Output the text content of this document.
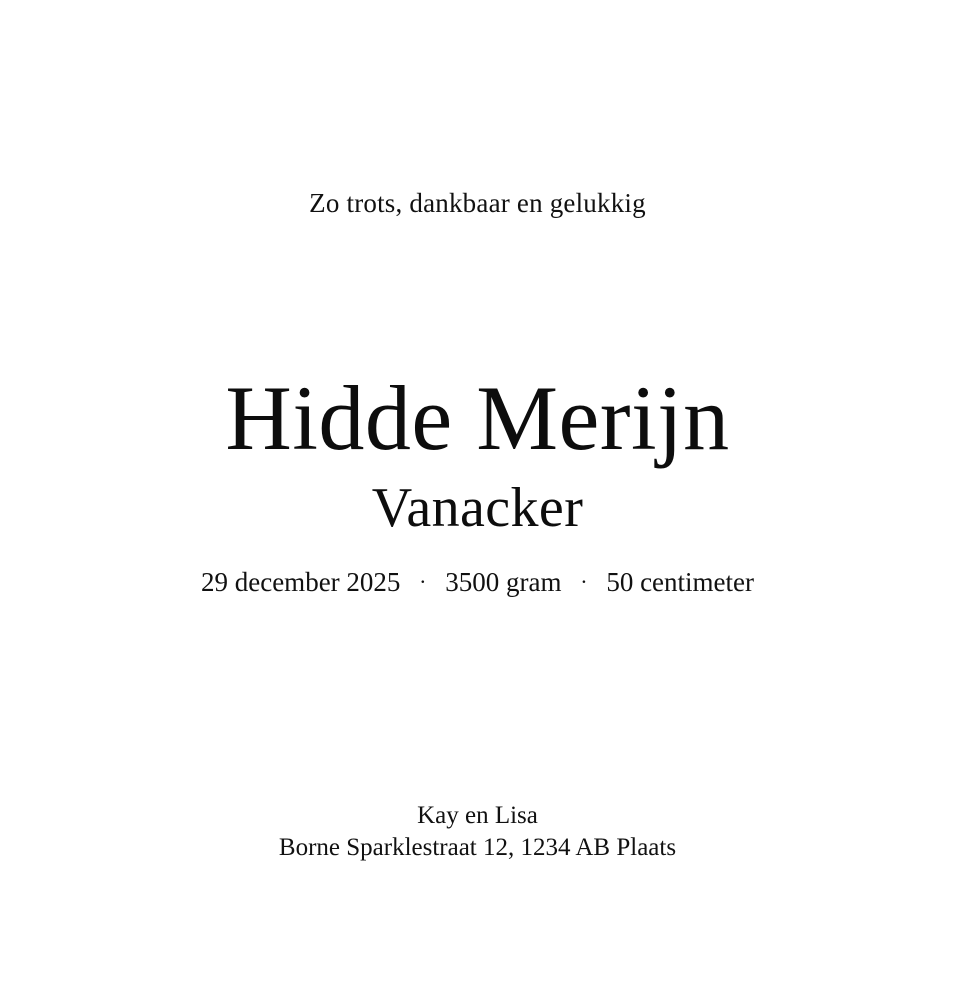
Zo trots, dankbaar en gelukkig
Hidde Merijn
Vanacker
29 december 2025 · 3500 gram · 50 centimeter
Kay en Lisa
Borne Sparklestraat 12, 1234 AB Plaats
